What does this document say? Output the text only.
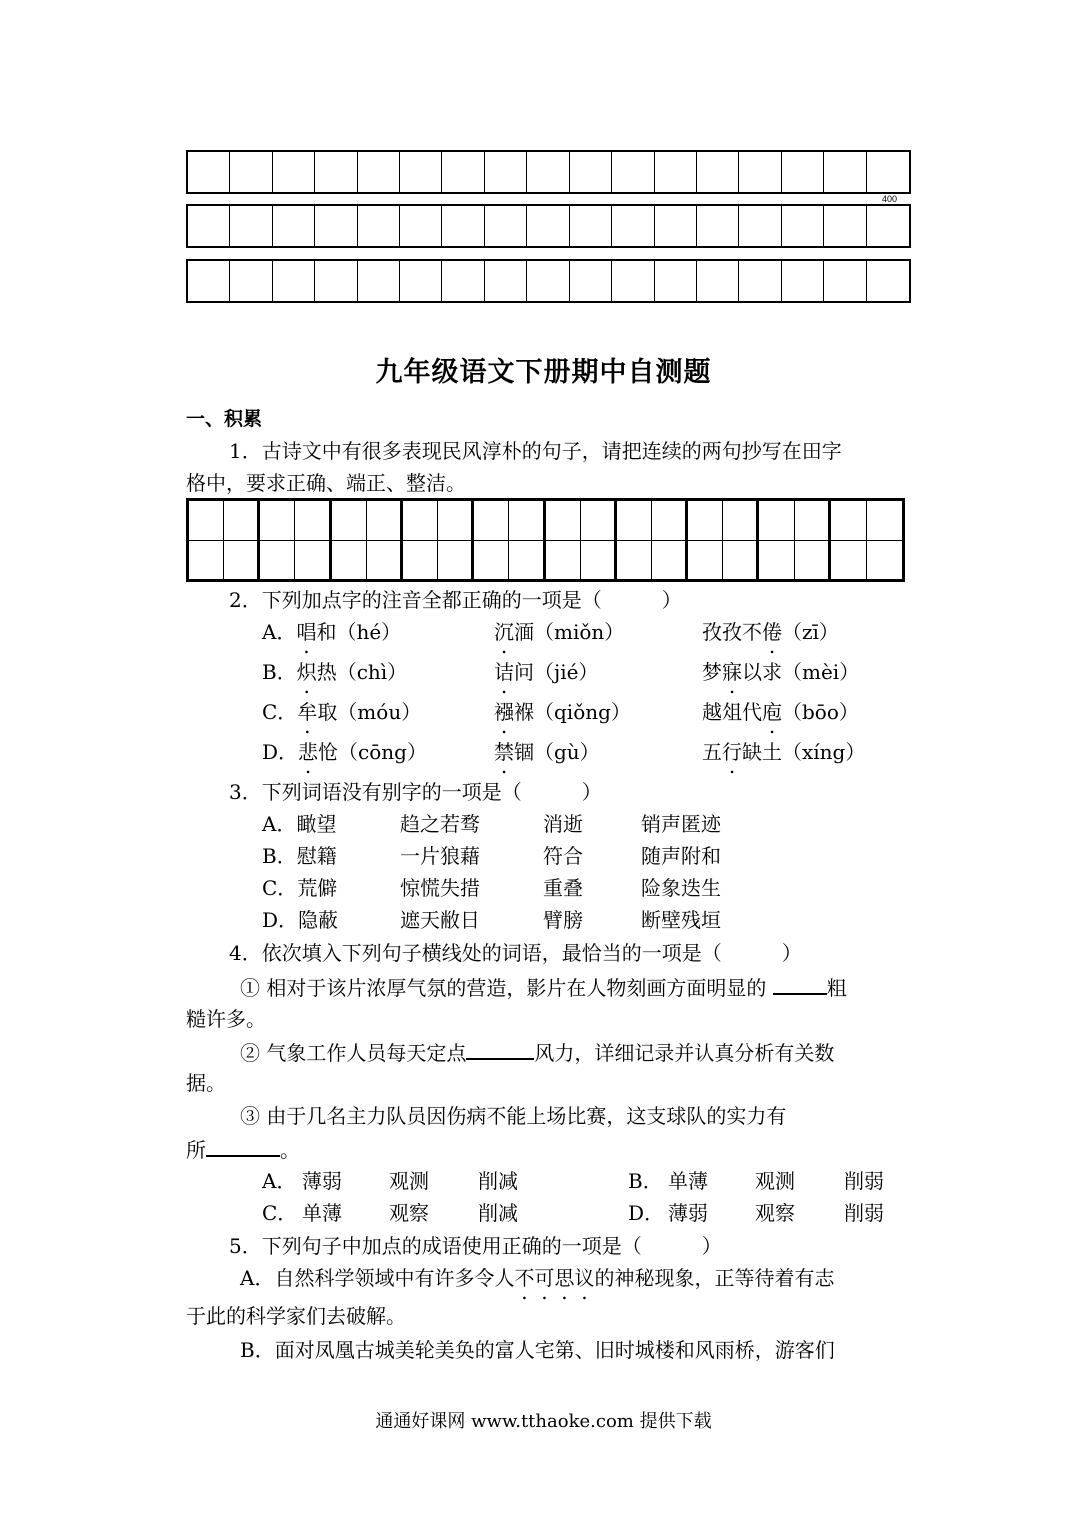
400
九年级语文下册期中自测题
一、积累
1．古诗文中有很多表现民风淳朴的句子，请把连续的两句抄写在田字
格中，要求正确、端正、整洁。
2．下列加点字的注音全都正确的一项是（　　　）
A．唱和（hé）	沉湎（miǒn）	孜孜不倦（zī）
B．炽热（chì）	诘问（jié）	梦寐以求（mèi）
C．牟取（móu）	襁褓（qiǒng）	越俎代庖（bōo）
D．悲怆（cōng）	禁锢（gù）	五行缺土（xíng）
3．下列词语没有别字的一项是（　　　）
A．瞰望	趋之若骛	消逝	销声匿迹
B．慰籍	一片狼藉	符合	随声附和
C．荒僻	惊慌失措	重叠	险象迭生
D．隐蔽	遮天敝日	臂膀	断壁残垣
4．依次填入下列句子横线处的词语，最恰当的一项是（　　　）
① 相对于该片浓厚气氛的营造，影片在人物刻画方面明显的	粗
糙许多。
② 气象工作人员每天定点	风力，详细记录并认真分析有关数
据。
③ 由于几名主力队员因伤病不能上场比赛，这支球队的实力有
所	。
A． 薄弱 观测 削减	B． 单薄 观测 削弱
C． 单薄 观察 削减	D． 薄弱 观察 削弱
5．下列句子中加点的成语使用正确的一项是（　　　）
A．自然科学领域中有许多令人不可思议的神秘现象，正等待着有志
于此的科学家们去破解。
B．面对凤凰古城美轮美奂的富人宅第、旧时城楼和风雨桥，游客们
通通好课网 www.tthaoke.com 提供下载
